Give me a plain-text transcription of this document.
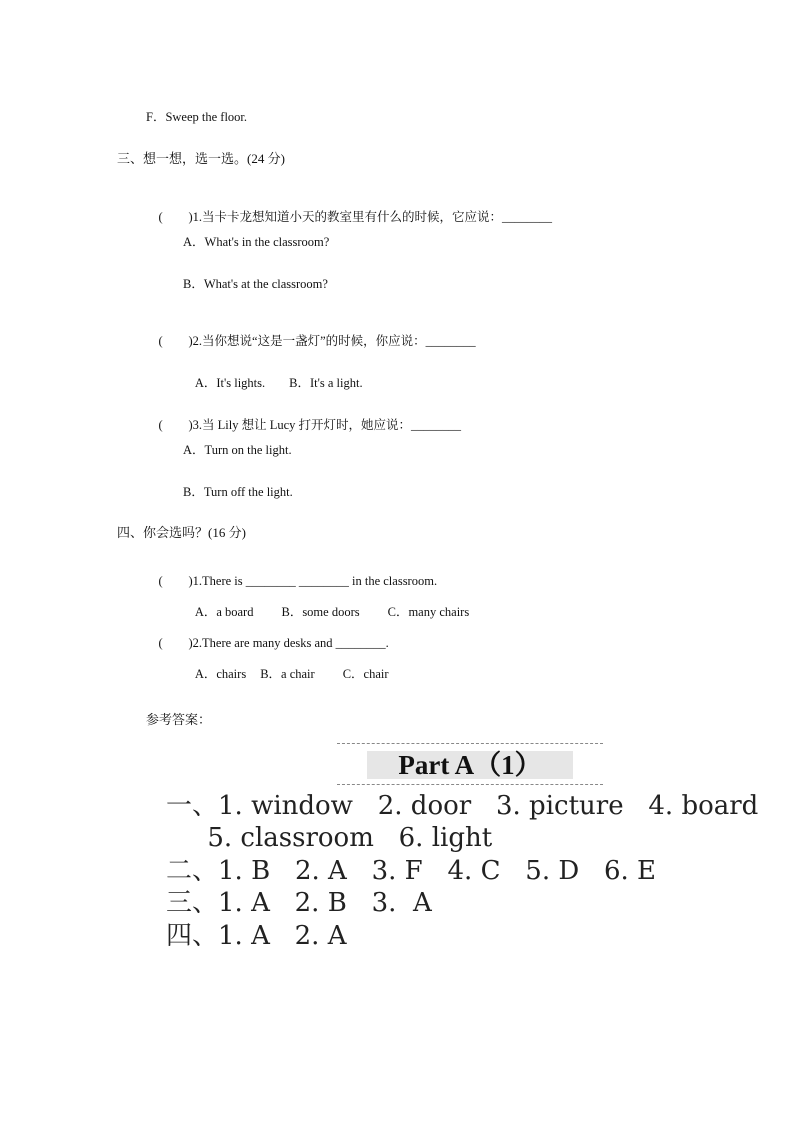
F．Sweep the floor.
三、想一想，选一选。(24 分)

( )1.当卡卡龙想知道小天的教室里有什么的时候，它应说：________

A．What's in the classroom?
B．What's at the classroom?

( )2.当你想说“这是一盏灯”的时候，你应说：________

A．It's lights. B．It's a light.

( )3.当 Lily 想让 Lucy 打开灯时，她应说：________

A．Turn on the light.
B．Turn off the light.
四、你会选吗？(16 分)

( )1.There is ________ ________ in the classroom.

A．a board B．some doors C．many chairs

( )2.There are many desks and ________.

A．chairs B．a chair C．chair

参考答案：
Part A（1）
一、1. window   2. door   3. picture   4. board
5. classroom   6. light
二、1. B   2. A   3. F   4. C   5. D   6. E
三、1. A   2. B   3.  A
四、1. A   2. A
